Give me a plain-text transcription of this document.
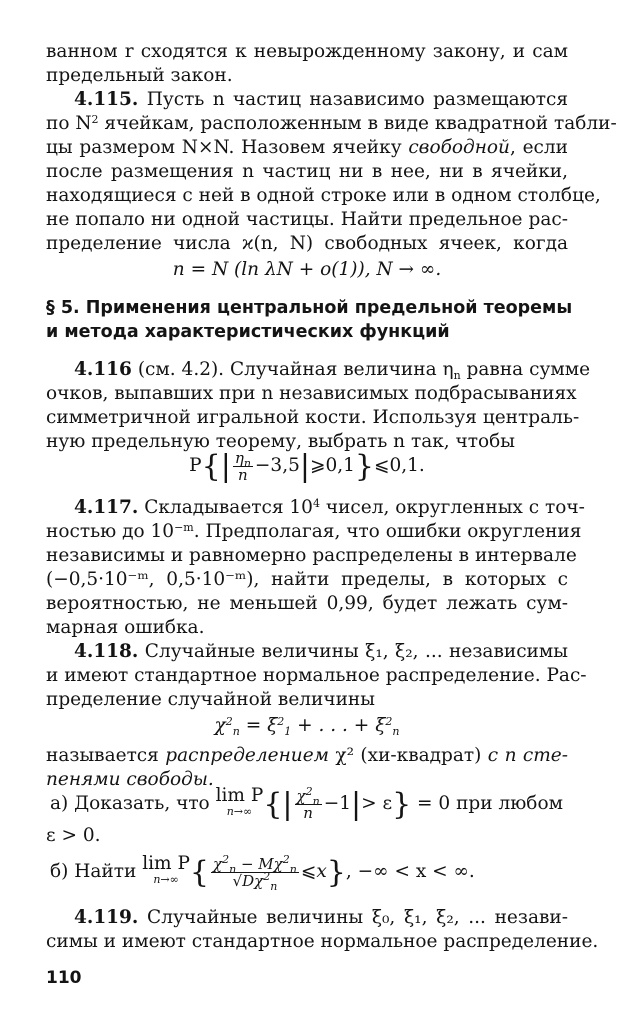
ванном r сходятся к невырожденному закону, и сам
предельный закон.
4.115. Пусть n частиц назависимо размещаются
по $N^2$ ячейкам, расположенным в виде квадратной табли-
цы размером N×N. Назовем ячейку свободной, если
после размещения n частиц ни в нее, ни в ячейки,
находящиеся с ней в одной строке или в одном столбце,
не попало ни одной частицы. Найти предельное рас-
пределение числа ϰ(n, N) свободных ячеек, когда
n = N (ln λN + o(1)), N → ∞.
§ 5. Применения центральной предельной теоремы
и метода характеристических функций
4.116 (см. 4.2). Случайная величина $\eta_n$ равна сумме
очков, выпавших при n независимых подбрасываниях
симметричной игральной кости. Используя централь-
ную предельную теорему, выбрать n так, чтобы
$P\{| \frac{\eta_n}{n}$ −3,5|⩾0,1}⩽0,1.
4.117. Складывается $10^4$ чисел, округленных с точ-
ностью до $10^{-m}$. Предполагая, что ошибки округления
независимы и равномерно распределены в интервале
(−0,5·10⁻ᵐ, 0,5·10⁻ᵐ), найти пределы, в которых с
вероятностью, не меньшей 0,99, будет лежать сум-
марная ошибка.
4.118. Случайные величины ξ₁, ξ₂, ... независимы
и имеют стандартное нормальное распределение. Рас-
пределение случайной величины
$\chi^2_n = \xi^2_1$ + . . . + $\xi^2_n$
называется распределением χ² (хи-квадрат) с n сте-
пенями свободы.
а) Доказать, что lim P
n→∞ {| $\frac{\chi^2_n}{n} -1|> \varepsilon\} = 0$ при любом
ε > 0.
б) Найти lim P
n→∞ { $\frac{\chi^2_n - M\chi^2_n}{√D\chi^2_n}$ ⩽x}, −∞ < x < ∞.
4.119. Случайные величины ξ₀, ξ₁, ξ₂, ... незави-
симы и имеют стандартное нормальное распределение.
110
